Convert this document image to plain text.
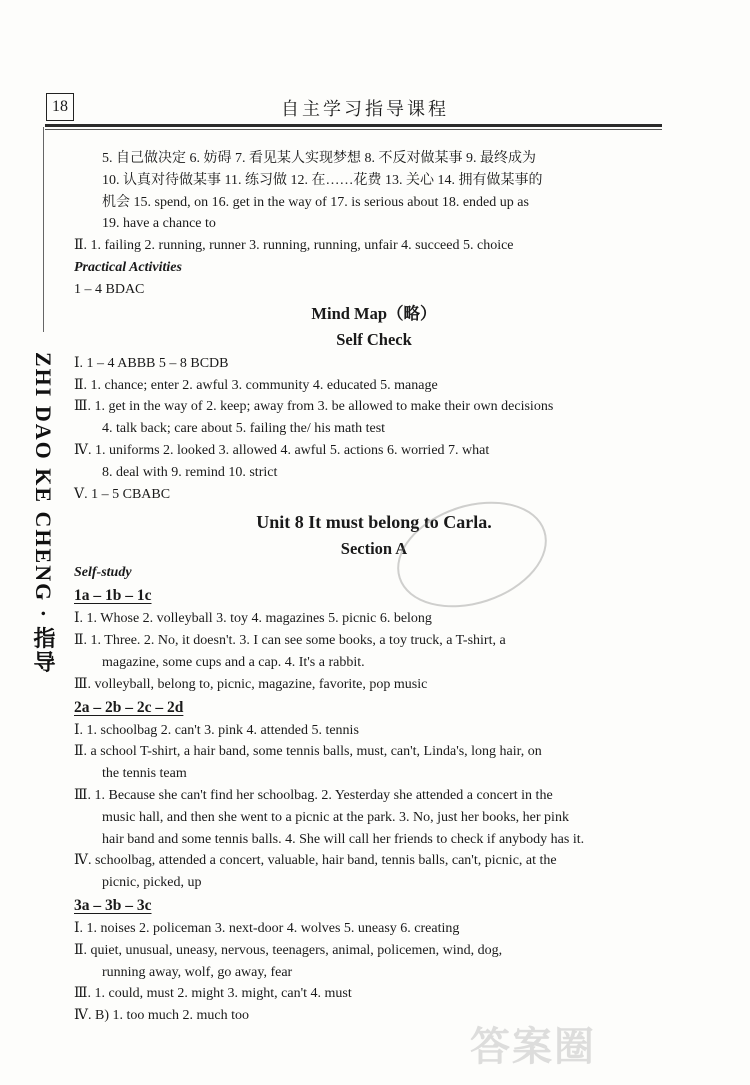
18	自主学习指导课程
ZHI DAO KE CHENG · 指导
5. 自己做决定 6. 妨碍 7. 看见某人实现梦想 8. 不反对做某事 9. 最终成为
10. 认真对待做某事 11. 练习做 12. 在……花费 13. 关心 14. 拥有做某事的
机会 15. spend, on 16. get in the way of 17. is serious about 18. ended up as
19. have a chance to
Ⅱ. 1. failing 2. running, runner 3. running, running, unfair 4. succeed 5. choice
Practical Activities
1 – 4 BDAC
Mind Map（略）
Self Check
Ⅰ. 1 – 4 ABBB 5 – 8 BCDB
Ⅱ. 1. chance; enter 2. awful 3. community 4. educated 5. manage
Ⅲ. 1. get in the way of 2. keep; away from 3. be allowed to make their own decisions
4. talk back; care about 5. failing the/ his math test
Ⅳ. 1. uniforms 2. looked 3. allowed 4. awful 5. actions 6. worried 7. what
8. deal with 9. remind 10. strict
Ⅴ. 1 – 5 CBABC
Unit 8 It must belong to Carla.
Section A
Self-study
1a – 1b – 1c
Ⅰ. 1. Whose 2. volleyball 3. toy 4. magazines 5. picnic 6. belong
Ⅱ. 1. Three. 2. No, it doesn't. 3. I can see some books, a toy truck, a T-shirt, a
magazine, some cups and a cap. 4. It's a rabbit.
Ⅲ. volleyball, belong to, picnic, magazine, favorite, pop music
2a – 2b – 2c – 2d
Ⅰ. 1. schoolbag 2. can't 3. pink 4. attended 5. tennis
Ⅱ. a school T-shirt, a hair band, some tennis balls, must, can't, Linda's, long hair, on
the tennis team
Ⅲ. 1. Because she can't find her schoolbag. 2. Yesterday she attended a concert in the
music hall, and then she went to a picnic at the park. 3. No, just her books, her pink
hair band and some tennis balls. 4. She will call her friends to check if anybody has it.
Ⅳ. schoolbag, attended a concert, valuable, hair band, tennis balls, can't, picnic, at the
picnic, picked, up
3a – 3b – 3c
Ⅰ. 1. noises 2. policeman 3. next-door 4. wolves 5. uneasy 6. creating
Ⅱ. quiet, unusual, uneasy, nervous, teenagers, animal, policemen, wind, dog,
running away, wolf, go away, fear
Ⅲ. 1. could, must 2. might 3. might, can't 4. must
Ⅳ. B) 1. too much 2. much too
答案圈
